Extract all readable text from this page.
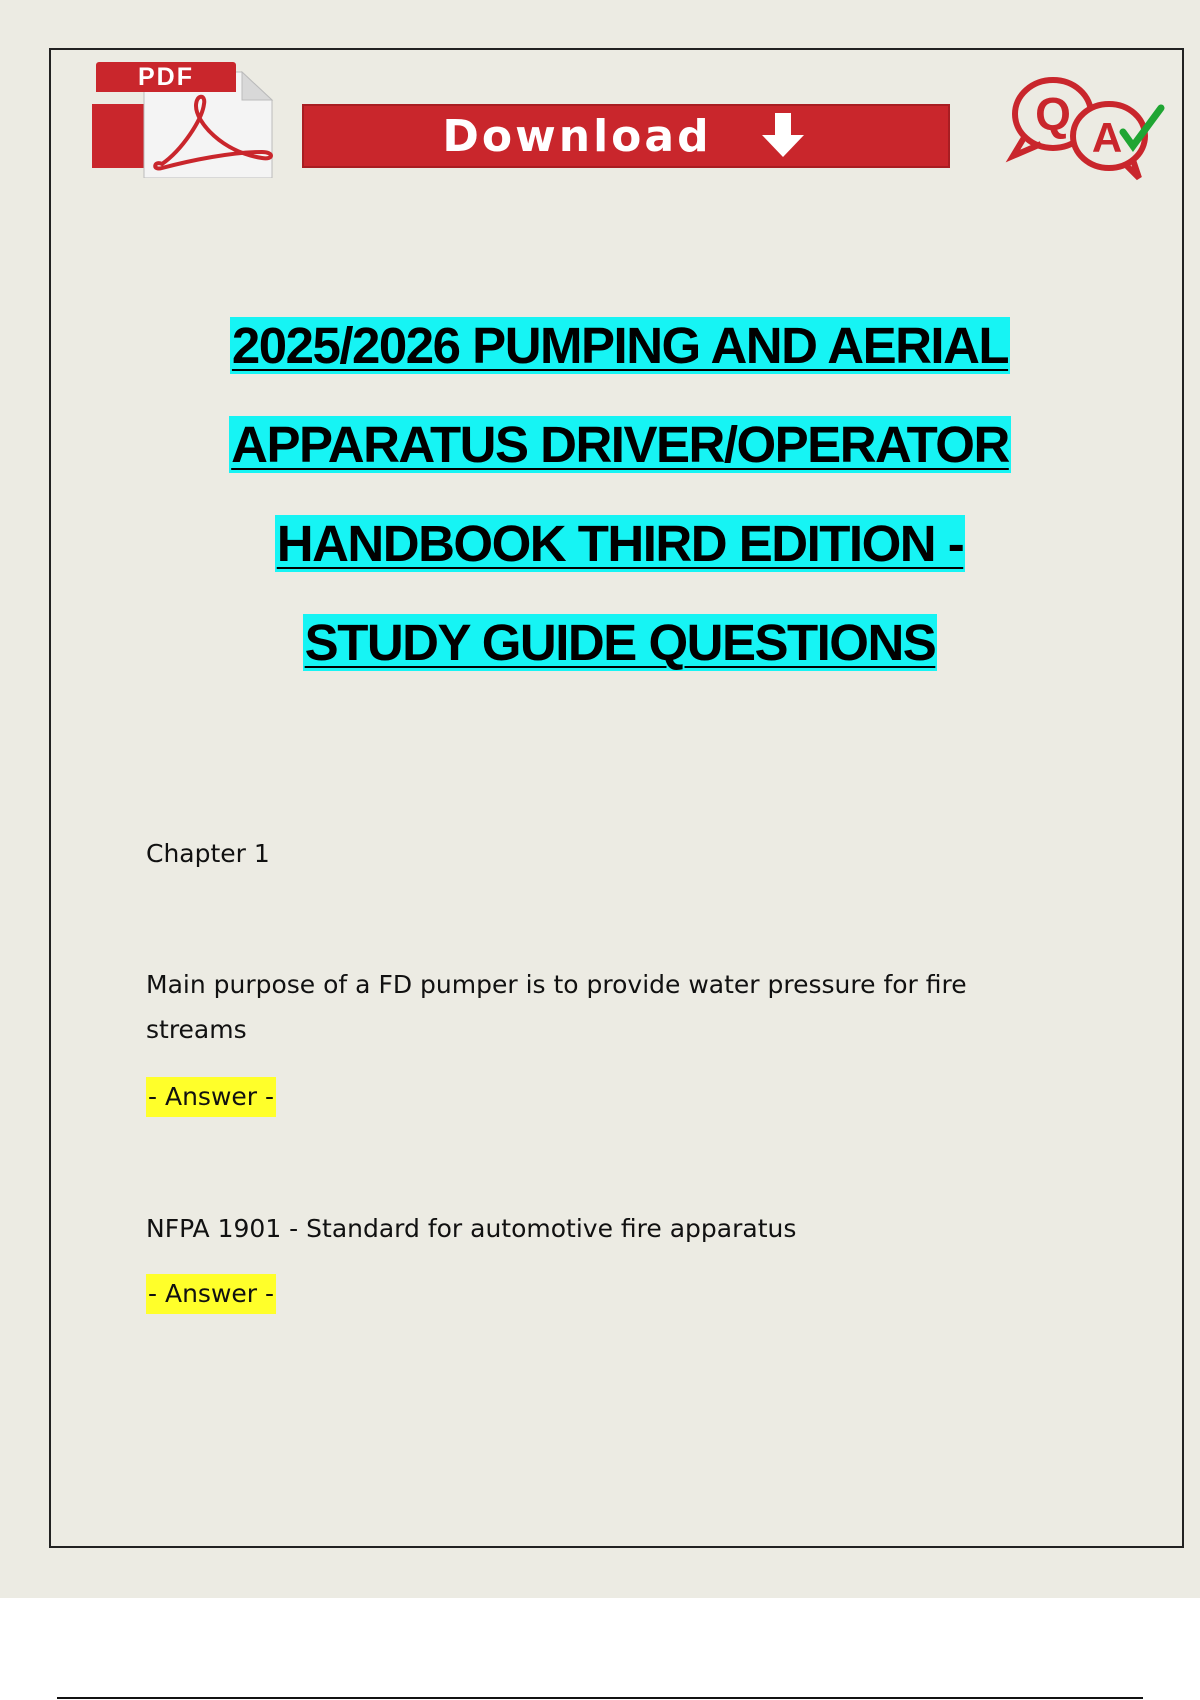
PDF
Download	Q A
2025/2026 PUMPING AND AERIAL
APPARATUS DRIVER/OPERATOR
HANDBOOK THIRD EDITION -
STUDY GUIDE QUESTIONS
Chapter 1
Main purpose of a FD pumper is to provide water pressure for fire streams
- Answer -
NFPA 1901 - Standard for automotive fire apparatus
- Answer -
